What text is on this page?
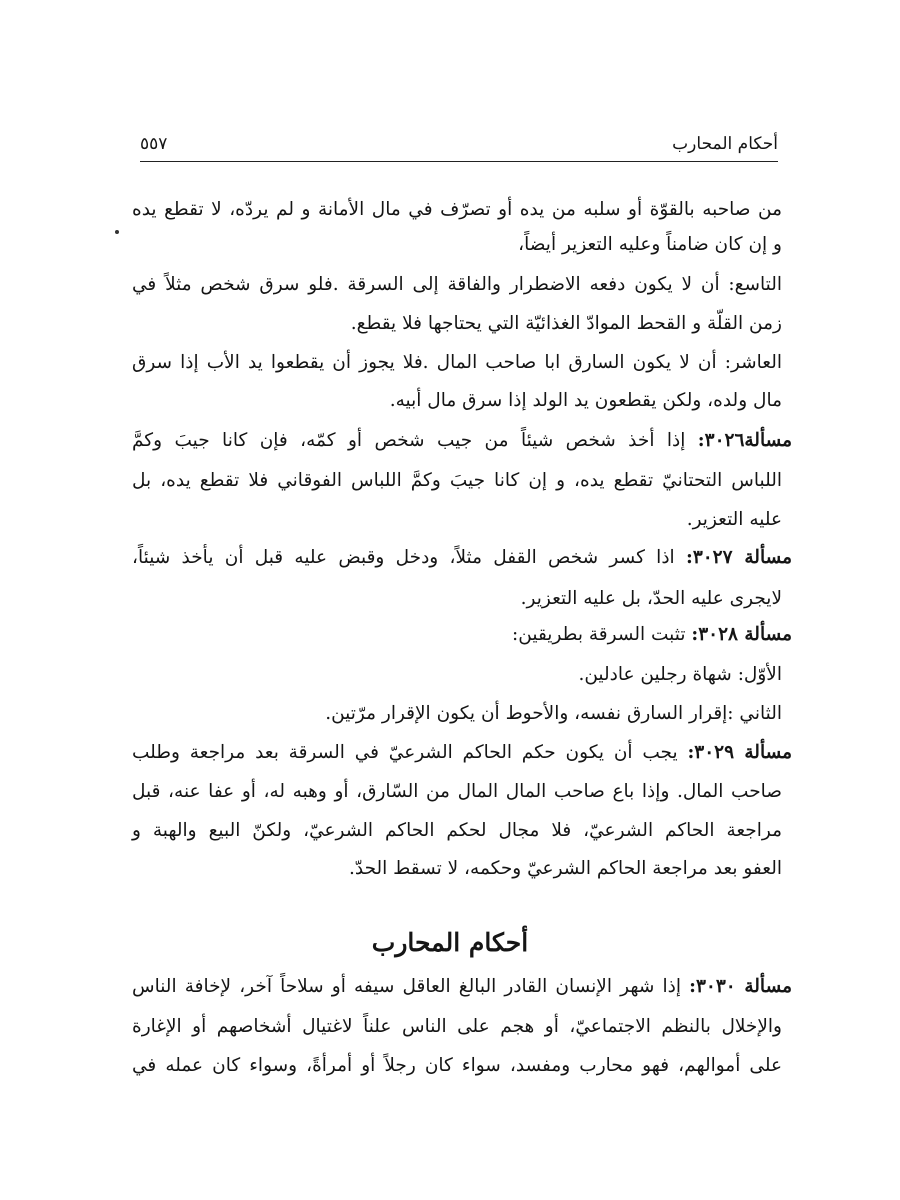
أحكام المحارب
٥٥٧
من صاحبه بالقوّة أو سلبه من يده أو تصرّف في مال الأمانة و لم يردّه، لا تقطع يده
و إن كان ضامناً وعليه التعزير أيضاً،
التاسع: أن لا يكون دفعه الاضطرار والفاقة إلى السرقة .فلو سرق شخص مثلاً في
زمن القلّة و القحط الموادّ الغذائيّة التي يحتاجها فلا يقطع.
العاشر: أن لا يكون السارق ابا صاحب المال .فلا يجوز أن يقطعوا يد الأب إذا سرق
مال ولده، ولكن يقطعون يد الولد إذا سرق مال أبيه.
مسألة٣٠٢٦: إذا أخذ شخص شيئاً من جيب شخص أو كمّه، فإن كانا جيبَ وكمَّ
اللباس التحتانيّ تقطع يده، و إن كانا جيبَ وكمَّ اللباس الفوقاني فلا تقطع يده، بل
عليه التعزير.
مسألة ٣٠٢٧: اذا كسر شخص القفل مثلاً، ودخل وقبض عليه قبل أن يأخذ شيئاً،
لايجرى عليه الحدّ، بل عليه التعزير.
مسألة ٣٠٢٨: تثبت السرقة بطريقين:
الأوّل: شهاة رجلين عادلين.
الثاني :إقرار السارق نفسه، والأحوط أن يكون الإقرار مرّتين.
مسألة ٣٠٢٩: يجب أن يكون حكم الحاكم الشرعيّ في السرقة بعد مراجعة وطلب
صاحب المال. وإذا باع صاحب المال المال من السّارق، أو وهبه له، أو عفا عنه، قبل
مراجعة الحاكم الشرعيّ، فلا مجال لحكم الحاكم الشرعيّ، ولكنّ البيع والهبة و
العفو بعد مراجعة الحاكم الشرعيّ وحكمه، لا تسقط الحدّ.
أحكام المحارب
مسألة ٣٠٣٠: إذا شهر الإنسان القادر البالغ العاقل سيفه أو سلاحاً آخر، لإخافة الناس
والإخلال بالنظم الاجتماعيّ، أو هجم على الناس علناً لاغتيال أشخاصهم أو الإغارة
على أموالهم، فهو محارب ومفسد، سواء كان رجلاً أو أمرأةً، وسواء كان عمله في
